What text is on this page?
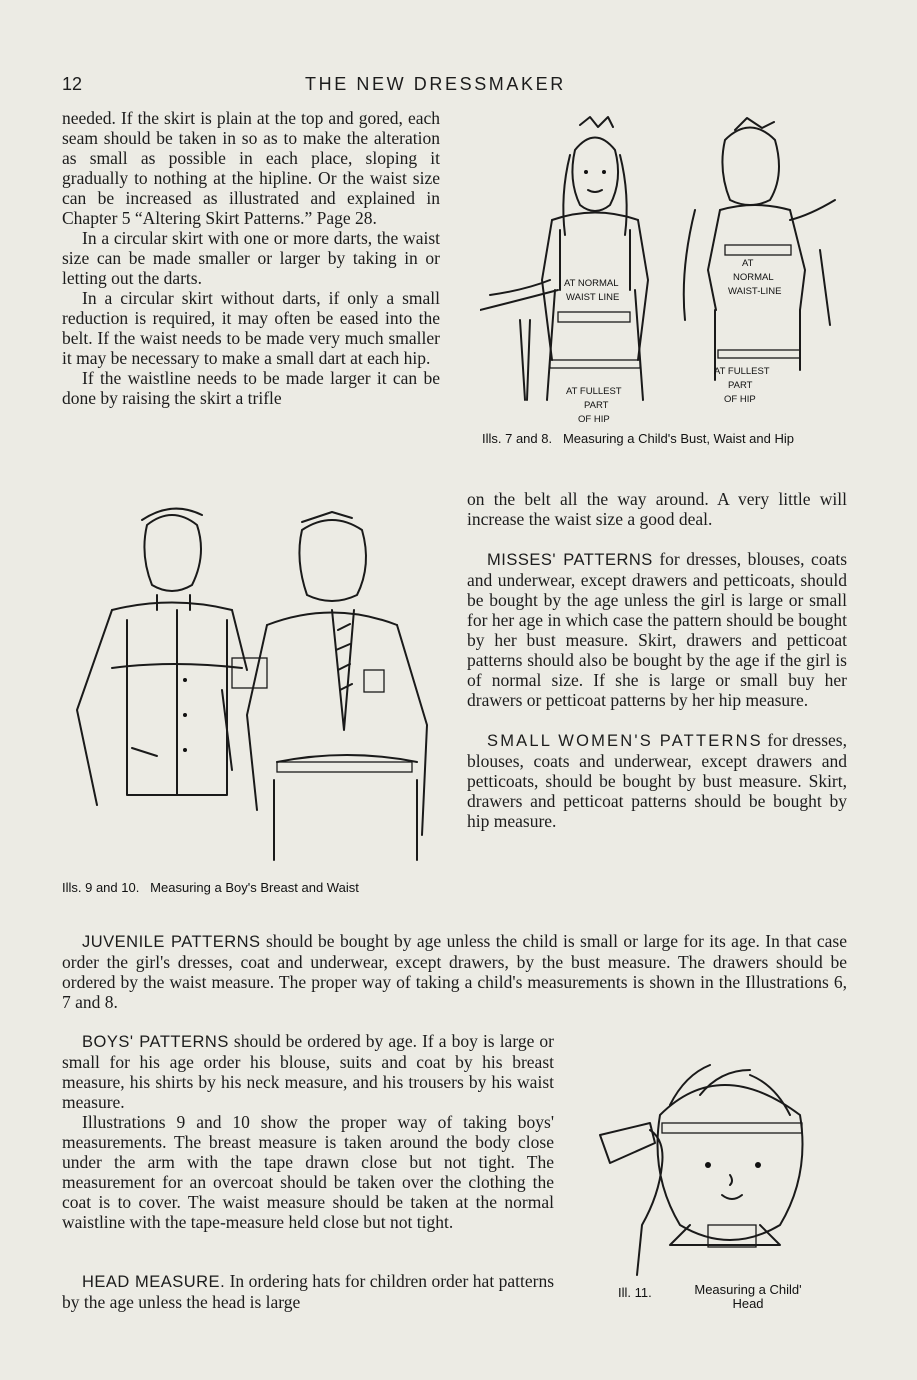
12	THE NEW DRESSMAKER

needed. If the skirt is plain at the top and gored, each seam should be taken in so as to make the alteration as small as possible in each place, sloping it gradually to nothing at the hipline. Or the waist size can be increased as illustrated and explained in Chapter 5 “Altering Skirt Patterns.” Page 28.

In a circular skirt with one or more darts, the waist size can be made smaller or larger by taking in or letting out the darts.

In a circular skirt without darts, if only a small reduction is required, it may often be eased into the belt. If the waist needs to be made very much smaller it may be necessary to make a small dart at each hip.

If the waistline needs to be made larger it can be done by raising the skirt a trifle

AT NORMAL
WAIST LINE
AT FULLEST
PART
OF HIP
AT
NORMAL
WAIST-LINE
AT FULLEST
PART
OF HIP
Ills. 7 and 8. Measuring a Child's Bust, Waist and Hip
Ills. 9 and 10. Measuring a Boy's Breast and Waist

on the belt all the way around. A very little will increase the waist size a good deal.

MISSES' PATTERNS for dresses, blouses, coats and underwear, except drawers and petticoats, should be bought by the age unless the girl is large or small for her age in which case the pattern should be bought by her bust measure. Skirt, drawers and petticoat patterns should also be bought by the age if the girl is of normal size. If she is large or small buy her drawers or petticoat patterns by her hip measure.

SMALL WOMEN'S PATTERNS for dresses, blouses, coats and underwear, except drawers and petticoats, should be bought by bust measure. Skirt, drawers and petticoat patterns should be bought by hip measure.

JUVENILE PATTERNS should be bought by age unless the child is small or large for its age. In that case order the girl's dresses, coat and underwear, except drawers, by the bust measure. The drawers should be ordered by the waist measure. The proper way of taking a child's measurements is shown in the Illustrations 6, 7 and 8.

BOYS' PATTERNS should be ordered by age. If a boy is large or small for his age order his blouse, suits and coat by his breast measure, his shirts by his neck measure, and his trousers by his waist measure.

Illustrations 9 and 10 show the proper way of taking boys' measurements. The breast measure is taken around the body close under the arm with the tape drawn close but not tight. The measurement for an overcoat should be taken over the clothing the coat is to cover. The waist measure should be taken at the normal waistline with the tape-measure held close but not tight.

HEAD MEASURE. In ordering hats for children order hat patterns by the age unless the head is large	Ill. 11.	Measuring a Child' Head
